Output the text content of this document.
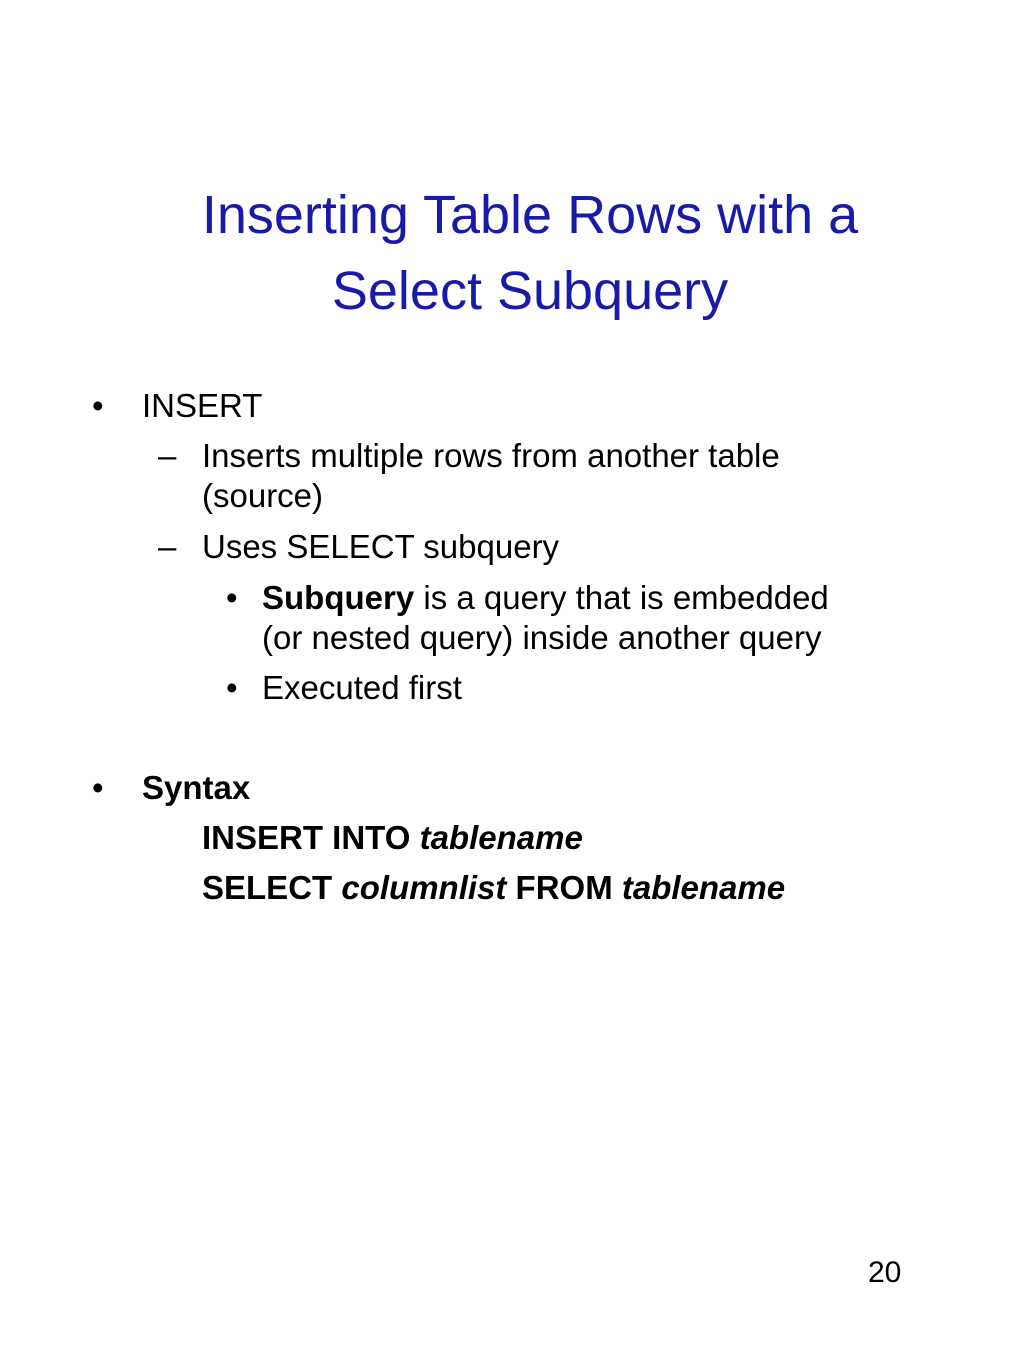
Inserting Table Rows with a
Select Subquery
• INSERT
– Inserts multiple rows from another table
(source)
– Uses SELECT subquery
• Subquery is a query that is embedded
(or nested query) inside another query
• Executed first
• Syntax
INSERT INTO tablename
SELECT columnlist FROM tablename
20
